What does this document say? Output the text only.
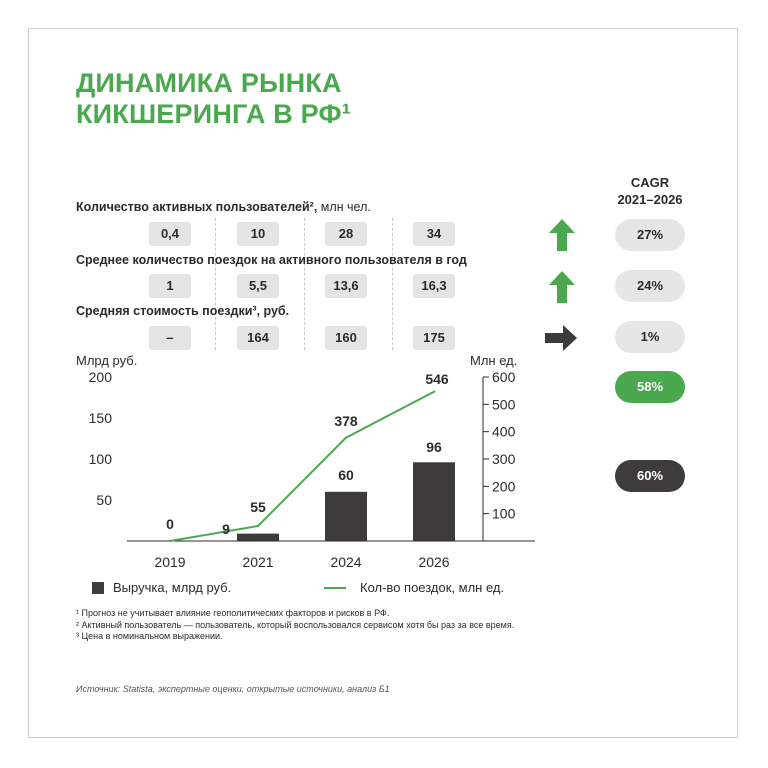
ДИНАМИКА РЫНКА
КИКШЕРИНГА В РФ¹
CAGR
2021–2026
Количество активных пользователей², млн чел.
0,4	10	28	34	27%
Среднее количество поездок на активного пользователя в год
1	5,5	13,6	16,3	24%
Средняя стоимость поездки³, руб.
–	164	160	175	1%
58%
60%
Млрд руб.	Млн ед.
50
100
150
200
100
200
300
400
500
600
2019	2021	2024	2026
0	9
60
96
55
378
546
Выручка, млрд руб.	Кол-во поездок, млн ед.
¹ Прогноз не учитывает влияние геополитических факторов и рисков в РФ.
² Активный пользователь — пользователь, который воспользовался сервисом хотя бы раз за все время.
³ Цена в номинальном выражении.
Источник: Statista, экспертные оценки, открытые источники, анализ Б1
